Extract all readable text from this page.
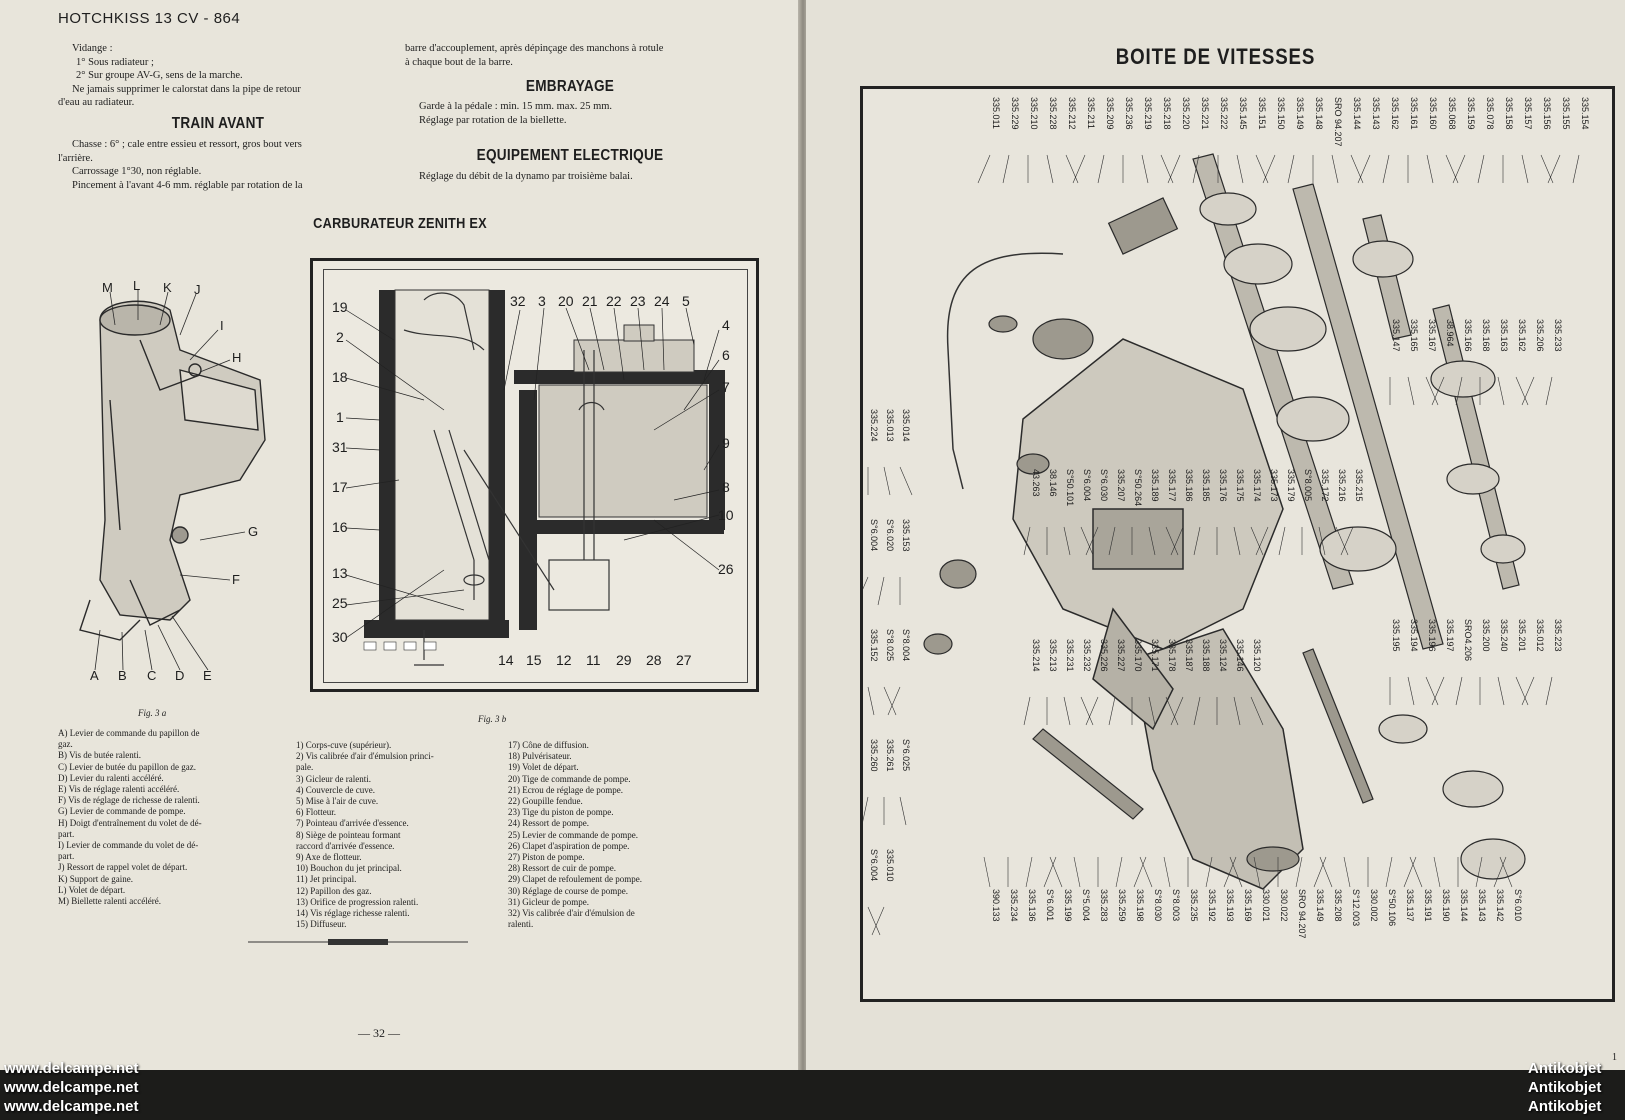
HOTCHKISS 13 CV - 864

Vidange :

1° Sous radiateur ;

2° Sur groupe AV-G, sens de la marche.

Ne jamais supprimer le calorstat dans la pipe de retour

d'eau au radiateur.

TRAIN AVANT

Chasse : 6° ; cale entre essieu et ressort, gros bout vers

l'arrière.

Carrossage 1°30, non réglable.

Pincement à l'avant 4-6 mm. réglable par rotation de la

barre d'accouplement, après dépinçage des manchons à rotule

à chaque bout de la barre.

EMBRAYAGE

Garde à la pédale : min. 15 mm. max. 25 mm.

Réglage par rotation de la biellette.

EQUIPEMENT ELECTRIQUE

Réglage du débit de la dynamo par troisième balai.

CARBURATEUR ZENITH EX
M L K J
I
H
G
F
A B C D E
19
2
18
1
31
17
16
13
25
30
32 3 20 21 22 23 24 5
4
6
7
9
8
10
26
14 15 12 11 29 28 27
Fig. 3 a
Fig. 3 b
A) Levier de commande du papillon de
gaz.
B) Vis de butée ralenti.
C) Levier de butée du papillon de gaz.
D) Levier du ralenti accéléré.
E) Vis de réglage ralenti accéléré.
F) Vis de réglage de richesse de ralenti.
G) Levier de commande de pompe.
H) Doigt d'entraînement du volet de dé-
part.
I) Levier de commande du volet de dé-
part.
J) Ressort de rappel volet de départ.
K) Support de gaine.
L) Volet de départ.
M) Biellette ralenti accéléré.
1) Corps-cuve (supérieur).
2) Vis calibrée d'air d'émulsion princi-
pale.
3) Gicleur de ralenti.
4) Couvercle de cuve.
5) Mise à l'air de cuve.
6) Flotteur.
7) Pointeau d'arrivée d'essence.
8) Siège de pointeau formant
raccord d'arrivée d'essence.
9) Axe de flotteur.
10) Bouchon du jet principal.
11) Jet principal.
12) Papillon des gaz.
13) Orifice de progression ralenti.
14) Vis réglage richesse ralenti.
15) Diffuseur.
17) Cône de diffusion.
18) Pulvérisateur.
19) Volet de départ.
20) Tige de commande de pompe.
21) Ecrou de réglage de pompe.
22) Goupille fendue.
23) Tige du piston de pompe.
24) Ressort de pompe.
25) Levier de commande de pompe.
26) Clapet d'aspiration de pompe.
27) Piston de pompe.
28) Ressort de cuir de pompe.
29) Clapet de refoulement de pompe.
30) Réglage de course de pompe.
31) Gicleur de pompe.
32) Vis calibrée d'air d'émulsion de
ralenti.
— 32 —
BOITE DE VITESSES
335.011 335.229 335.210 335.228 335.212 335.211 335.209 335.236 335.219 335.218 335.220 335.221 335.222 335.145 335.151 335.150 335.149 335.148 SRO 94.207 335.144 335.143 335.162 335.161 335.160 335.068 335.159 335.078 335.158 335.157 335.156 335.155 335.154
335.147 335.165 335.167 38.964 335.166 335.168 335.163 335.162 335.206 335.233
335.195 335.194 335.196 335.197 SRO4.206 335.200 335.240 335.201 335.012 335.223
335.224 335.013 335.014
S°6.004 S°6.020 335.153
335.152 S°8.025 S°8.004
335.260 335.261 S°6.025
S°6.004 335.010
390.133 335.234 335.136 S°6.001 335.199 S°5.004 335.283 335.259 335.198 S°8.030 S°8.003 335.235 335.192 335.193 335.169 330.021 330.022 SRO 94.207 335.149 335.208 S°12.003 330.002 S°50.106 335.137 335.191 335.190 335.144 335.143 335.142 S°6.010
43.263 38.146 S°50.101 S°6.004 S°6.030 335.207 S°50.264 335.189 335.177 335.186 335.185 335.176 335.175 335.174 335.173 335.179 S°8.005 335.172 335.216 335.215
335.214 335.213 335.231 335.232 335.226 335.227 335.170 335.171 335.178 335.187 335.188 335.124 335.146 335.120
1
www.delcampe.net
www.delcampe.net
www.delcampe.net
Antikobjet
Antikobjet
Antikobjet
